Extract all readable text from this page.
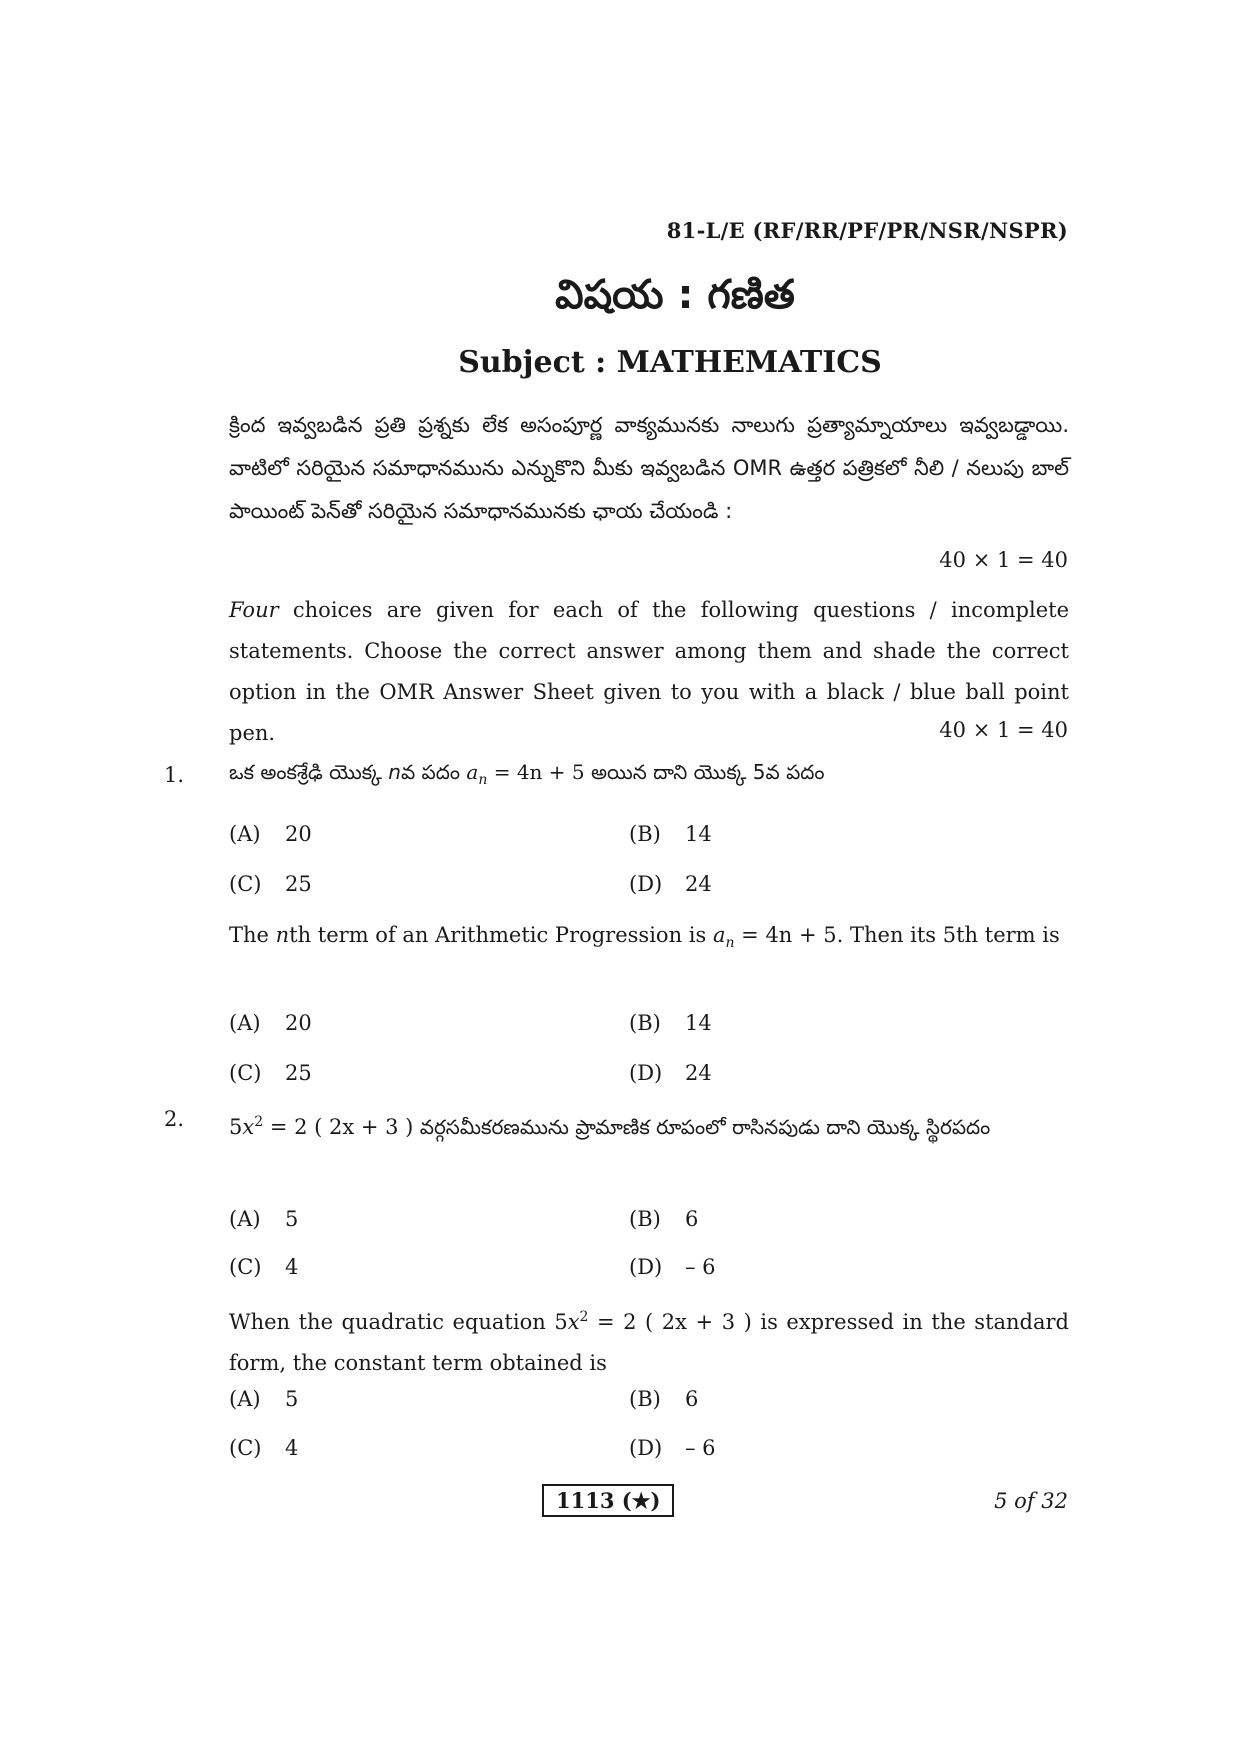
81-L/E (RF/RR/PF/PR/NSR/NSPR)
విషయ : గణిత
Subject : MATHEMATICS
క్రింద ఇవ్వబడిన ప్రతి ప్రశ్నకు లేక అసంపూర్ణ వాక్యమునకు నాలుగు ప్రత్యామ్నాయాలు ఇవ్వబడ్డాయి. వాటిలో సరియైన సమాధానమును ఎన్నుకొని మీకు ఇవ్వబడిన OMR ఉత్తర పత్రికలో నీలి / నలుపు బాల్ పాయింట్ పెన్‌తో సరియైన సమాధానమునకు ఛాయ చేయండి :
40 × 1 = 40
Four choices are given for each of the following questions / incomplete statements. Choose the correct answer among them and shade the correct option in the OMR Answer Sheet given to you with a black / blue ball point pen.	40 × 1 = 40
1. ఒక అంకశ్రేఢి యొక్క nవ పదం $a_n = 4n + 5$ అయిన దాని యొక్క 5వ పదం
(A) 20	(B) 14
(C) 25	(D) 24
The nth term of an Arithmetic Progression is $a_n = 4n + 5$. Then its 5th term is
(A) 20	(B) 14
(C) 25	(D) 24
2. $5x^2 = 2$ ( 2x + 3 ) వర్గసమీకరణమును ప్రామాణిక రూపంలో రాసినపుడు దాని యొక్క స్థిరపదం
(A) 5	(B) 6
(C) 4	(D) – 6
When the quadratic equation $5x^2 = 2$ ( 2x + 3 ) is expressed in the standard form, the constant term obtained is
(A) 5	(B) 6
(C) 4	(D) – 6
1113 (★)	5 of 32
